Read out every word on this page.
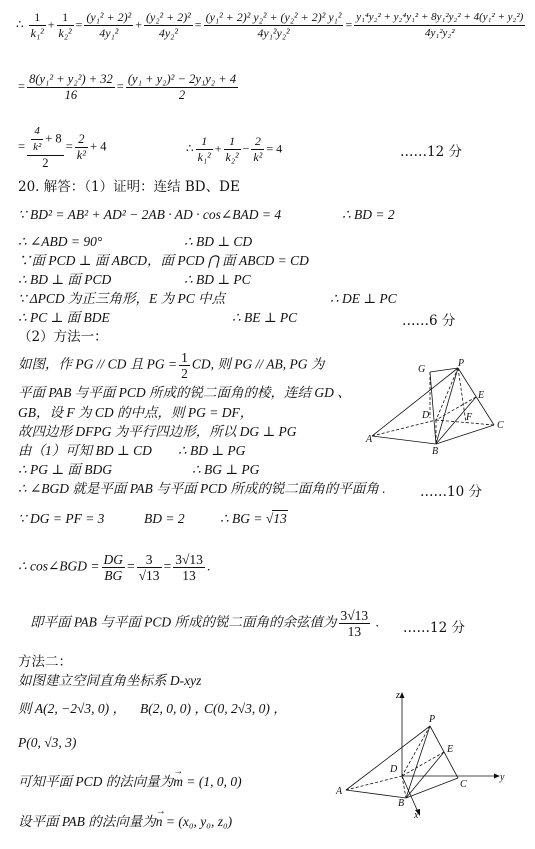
∴ $\frac{1}{\text{k₁²}} + \frac{1}{\text{k₂²}} = \frac{\text{(y₁² + 2)²}}{\text{4y₁²}} + \frac{\text{(y₂² + 2)²}}{\text{4y₂²}} = \frac{\text{(y₁² + 2)² y₂² + (y₂² + 2)² y₁²}}{\text{4y₁²y₂²}} = \frac{\text{y₁⁴y₂² + y₂⁴y₁² + 8y₁²y₂² + 4(y₁² + y₂²)}}{\text{4y₁²y₂²}}$
= $\frac{\text{8(y₁² + y₂²) + 32}}{16} = \frac{\text{(y₁ + y₂)² − 2y₁y₂ + 4}}{2}$
= $\frac{\frac{4}{\text{k²}} + 8}{2} = \frac{2}{\text{k²}} + 4$	∴ $\frac{1}{\text{k₁²}} + \frac{1}{\text{k₂²}} - \frac{2}{\text{k²}} = 4$	……12 分
20. 解答：（1）证明：连结 BD、DE
∵ BD² = AB² + AD² − 2AB · AD · cos∠BAD = 4	∴ BD = 2
∴ ∠ABD = 90°	∴ BD ⊥ CD
∵面 PCD ⊥ 面 ABCD，面 PCD ⋂ 面 ABCD = CD
∴ BD ⊥ 面 PCD	∴ BD ⊥ PC
∵ ΔPCD 为正三角形，E 为 PC 中点	∴ DE ⊥ PC
∴ PC ⊥ 面 BDE	∴ BE ⊥ PC	……6 分
（2）方法一：
如图，作 PG // CD 且 PG = $\frac{1}{2}$ CD, 则 PG // AB, PG 为
平面 PAB 与平面 PCD 所成的锐二面角的棱，连结 GD 、
GB，设 F 为 CD 的中点，则 PG = DF，
故四边形 DFPG 为平行四边形，所以 DG ⊥ PG
由（1）可知 BD ⊥ CD ∴ BD ⊥ PG
∴ PG ⊥ 面 BDG	∴ BG ⊥ PG
∴ ∠BGD 就是平面 PAB 与平面 PCD 所成的锐二面角的平面角 .	……10 分
∵ DG = PF = 3	BD = 2	∴ BG = √13
∴ cos∠BGD = $\frac{DG}{BG} = \frac{3}{√13} = \frac{3√13}{13}$ .
即平面 PAB 与平面 PCD 所成的锐二面角的余弦值为 $\frac{3√13}{13}$ . ……12 分
方法二：
如图建立空间直角坐标系 D-xyz
则 A(2, −2√3, 0) ， B(2, 0, 0) ，
C(0, 2√3, 0) ，
P(0, √3, 3)
可知平面 PCD 的法向量为→ m = (1, 0, 0)
设平面 PAB 的法向量为→ n = (x₀, y₀, z₀)
G
P
E
D	F
A
B
C
z
P
E
D
y
A
B
C
x
